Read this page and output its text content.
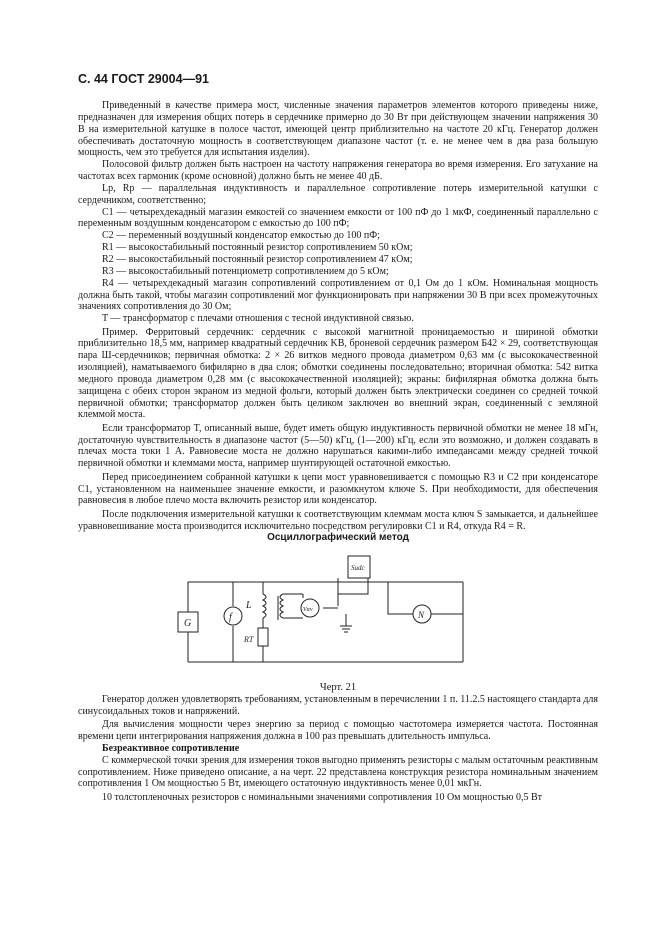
С. 44 ГОСТ 29004—91

Приведенный в качестве примера мост, численные значения параметров элементов которого приведены ниже, предназначен для измерения общих потерь в сердечнике примерно до 30 Вт при действующем значении напряжения 30 В на измерительной катушке в полосе частот, имеющей центр приблизительно на частоте 20 кГц. Генератор должен обеспечивать достаточную мощность в соответствующем диапазоне частот (т. е. не менее чем в два раза большую мощность, чем это требуется для испытания изделия).

Полосовой фильтр должен быть настроен на частоту напряжения генератора во время измерения. Его затухание на частотах всех гармоник (кроме основной) должно быть не менее 40 дБ.

Lp, Rp — параллельная индуктивность и параллельное сопротивление потерь измерительной катушки с сердечником, соответственно;

C1 — четырехдекадный магазин емкостей со значением емкости от 100 пФ до 1 мкФ, соединенный параллельно с переменным воздушным конденсатором с емкостью до 100 пФ;

C2 — переменный воздушный конденсатор емкостью до 100 пФ;

R1 — высокостабильный постоянный резистор сопротивлением 50 кОм;

R2 — высокостабильный постоянный резистор сопротивлением 47 кОм;

R3 — высокостабильный потенциометр сопротивлением до 5 кОм;

R4 — четырехдекадный магазин сопротивлений сопротивлением от 0,1 Ом до 1 кОм. Номинальная мощность должна быть такой, чтобы магазин сопротивлений мог функционировать при напряжении 30 В при всех промежуточных значениях сопротивления до 30 Ом;

T — трансформатор с плечами отношения с тесной индуктивной связью.

Пример. Ферритовый сердечник: сердечник с высокой магнитной проницаемостью и шириной обмотки приблизительно 18,5 мм, например квадратный сердечник KB, броневой сердечник размером Б42 × 29, соответствующая пара Ш-сердечников; первичная обмотка: 2 × 26 витков медного провода диаметром 0,63 мм (с высококачественной изоляцией), наматываемого бифилярно в два слоя; обмотки соединены последовательно; вторичная обмотка: 542 витка медного провода диаметром 0,28 мм (с высококачественной изоляцией); экраны: бифилярная обмотка должна быть защищена с обеих сторон экраном из медной фольги, который должен быть электрически соединен со средней точкой первичной обмотки; трансформатор должен быть целиком заключен во внешний экран, соединенный с земляной клеммой моста.

Если трансформатор T, описанный выше, будет иметь общую индуктивность первичной обмотки не менее 18 мГн, достаточную чувствительность в диапазоне частот (5—50) кГц, (1—200) кГц, если это возможно, и должен создавать в плечах моста токи 1 А. Равновесие моста не должно нарушаться какими-либо импедансами между средней точкой первичной обмотки и клеммами моста, например шунтирующей остаточной емкостью.

Перед присоединением собранной катушки к цепи мост уравновешивается с помощью R3 и C2 при конденсаторе C1, установленном на наименьшее значение емкости, и разомкнутом ключе S. При необходимости, для обеспечения равновесия в любое плечо моста включить резистор или конденсатор.

После подключения измерительной катушки к соответствующим клеммам моста ключ S замыкается, и дальнейшее уравновешивание моста производится исключительно посредством регулировки C1 и R4, откуда R4 = R.

Осциллографический метод

G
f
L
RT
Sudc
Vαν	N

Черт. 21

Генератор должен удовлетворять требованиям, установленным в перечислении 1 п. 11.2.5 настоящего стандарта для синусоидальных токов и напряжений.

Для вычисления мощности через энергию за период с помощью частотомера измеряется частота. Постоянная времени цепи интегрирования напряжения должна в 100 раз превышать длительность импульса.

Безреактивное сопротивление

С коммерческой точки зрения для измерения токов выгодно применять резисторы с малым остаточным реактивным сопротивлением. Ниже приведено описание, а на черт. 22 представлена конструкция резистора номинальным значением сопротивления 1 Ом мощностью 5 Вт, имеющего остаточную индуктивность менее 0,01 мкГн.

10 толстопленочных резисторов с номинальными значениями сопротивления 10 Ом мощностью 0,5 Вт
